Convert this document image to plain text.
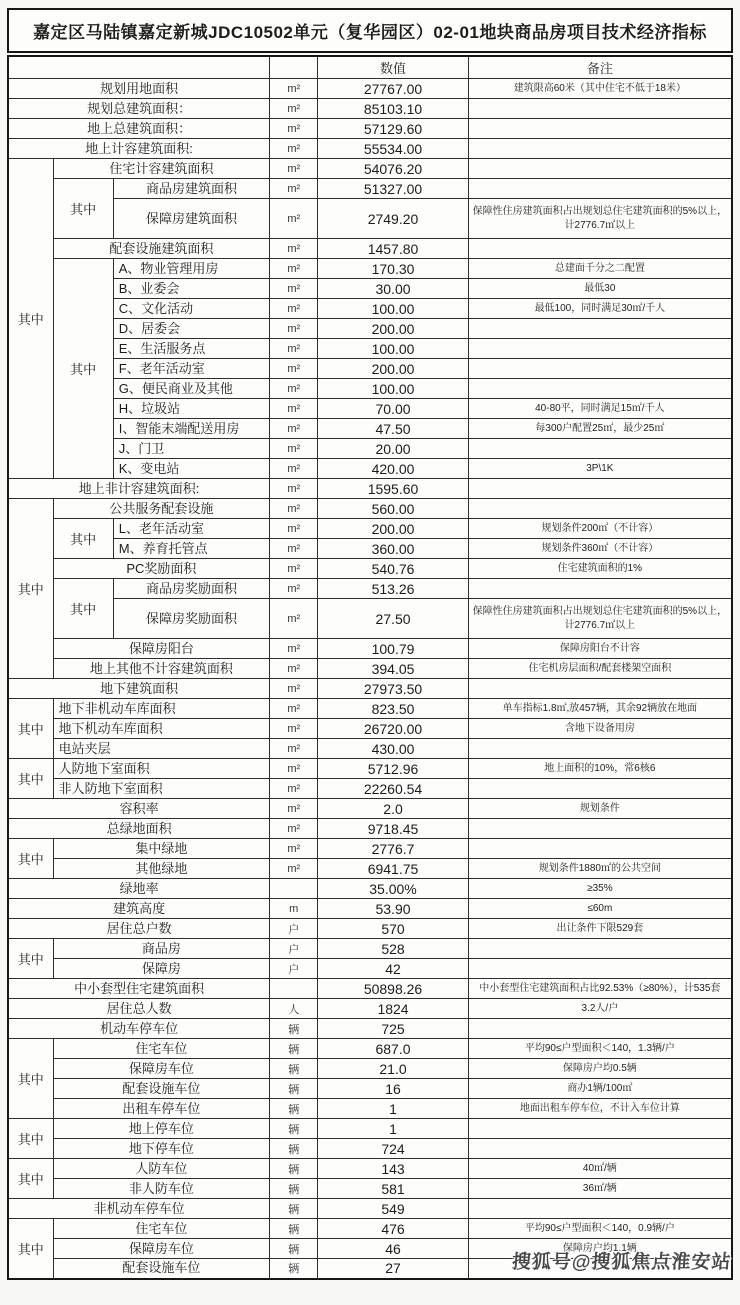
嘉定区马陆镇嘉定新城JDC10502单元（复华园区）02-01地块商品房项目技术经济指标
				数值	备注
规划用地面积			m²	27767.00	建筑限高60米（其中住宅不低于18米）
规划总建筑面积：			m²	85103.10	
地上总建筑面积：			m²	57129.60	
地上计容建筑面积:			m²	55534.00	
其中	住宅计容建筑面积		m²	54076.20	
	其中	商品房建筑面积	m²	51327.00	
		保障房建筑面积	m²	2749.20	保障性住房建筑面积占出规划总住宅建筑面积的5%以上，计2776.7㎡以上
	配套设施建筑面积		m²	1457.80	
	其中	A、物业管理用房	m²	170.30	总建面千分之二配置
		B、业委会	m²	30.00	最低30
		C、文化活动	m²	100.00	最低100，同时满足30㎡/千人
		D、居委会	m²	200.00	
		E、生活服务点	m²	100.00	
		F、老年活动室	m²	200.00	
		G、便民商业及其他	m²	100.00	
		H、垃圾站	m²	70.00	40-80平，同时满足15㎡/千人
		I、智能末端配送用房	m²	47.50	每300户配置25㎡，最少25㎡
		J、门卫	m²	20.00	
		K、变电站	m²	420.00	3P\1K
地上非计容建筑面积:			m²	1595.60	
其中	公共服务配套设施		m²	560.00	
	其中	L、老年活动室	m²	200.00	规划条件200㎡（不计容）
		M、养育托管点	m²	360.00	规划条件360㎡（不计容）
	PC奖励面积		m²	540.76	住宅建筑面积的1%
	其中	商品房奖励面积	m²	513.26	
		保障房奖励面积	m²	27.50	保障性住房建筑面积占出规划总住宅建筑面积的5%以上，计2776.7㎡以上
	保障房阳台		m²	100.79	保障房阳台不计容
	地上其他不计容建筑面积		m²	394.05	住宅机房层面积/配套楼架空面积
地下建筑面积			m²	27973.50	
其中	地下非机动车库面积		m²	823.50	单车指标1.8㎡,放457辆，其余92辆放在地面
	地下机动车库面积		m²	26720.00	含地下设备用房
	电站夹层		m²	430.00	
其中	人防地下室面积		m²	5712.96	地上面积的10%，常6核6
	非人防地下室面积		m²	22260.54	
容积率			m²	2.0	规划条件
总绿地面积			m²	9718.45	
其中	集中绿地		m²	2776.7	
	其他绿地		m²	6941.75	规划条件1880㎡的公共空间
绿地率				35.00%	≥35%
建筑高度			m	53.90	≤60m
居住总户数			户	570	出让条件下限529套
其中	商品房		户	528	
	保障房		户	42	
中小套型住宅建筑面积				50898.26	中小套型住宅建筑面积占比92.53%（≥80%），计535套
居住总人数			人	1824	3.2人/户
机动车停车位			辆	725	
其中	住宅车位		辆	687.0	平均90≤户型面积＜140，1.3辆/户
	保障房车位		辆	21.0	保障房户均0.5辆
	配套设施车位		辆	16	商办1辆/100㎡
	出租车停车位		辆	1	地面出租车停车位，不计入车位计算
其中	地上停车位		辆	1	
	地下停车位		辆	724	
其中	人防车位		辆	143	40㎡/辆
	非人防车位		辆	581	36㎡/辆
非机动车停车位			辆	549	
其中	住宅车位		辆	476	平均90≤户型面积＜140，0.9辆/户
	保障房车位		辆	46	保障房户均1.1辆
	配套设施车位		辆	27		搜狐号@搜狐焦点淮安站
